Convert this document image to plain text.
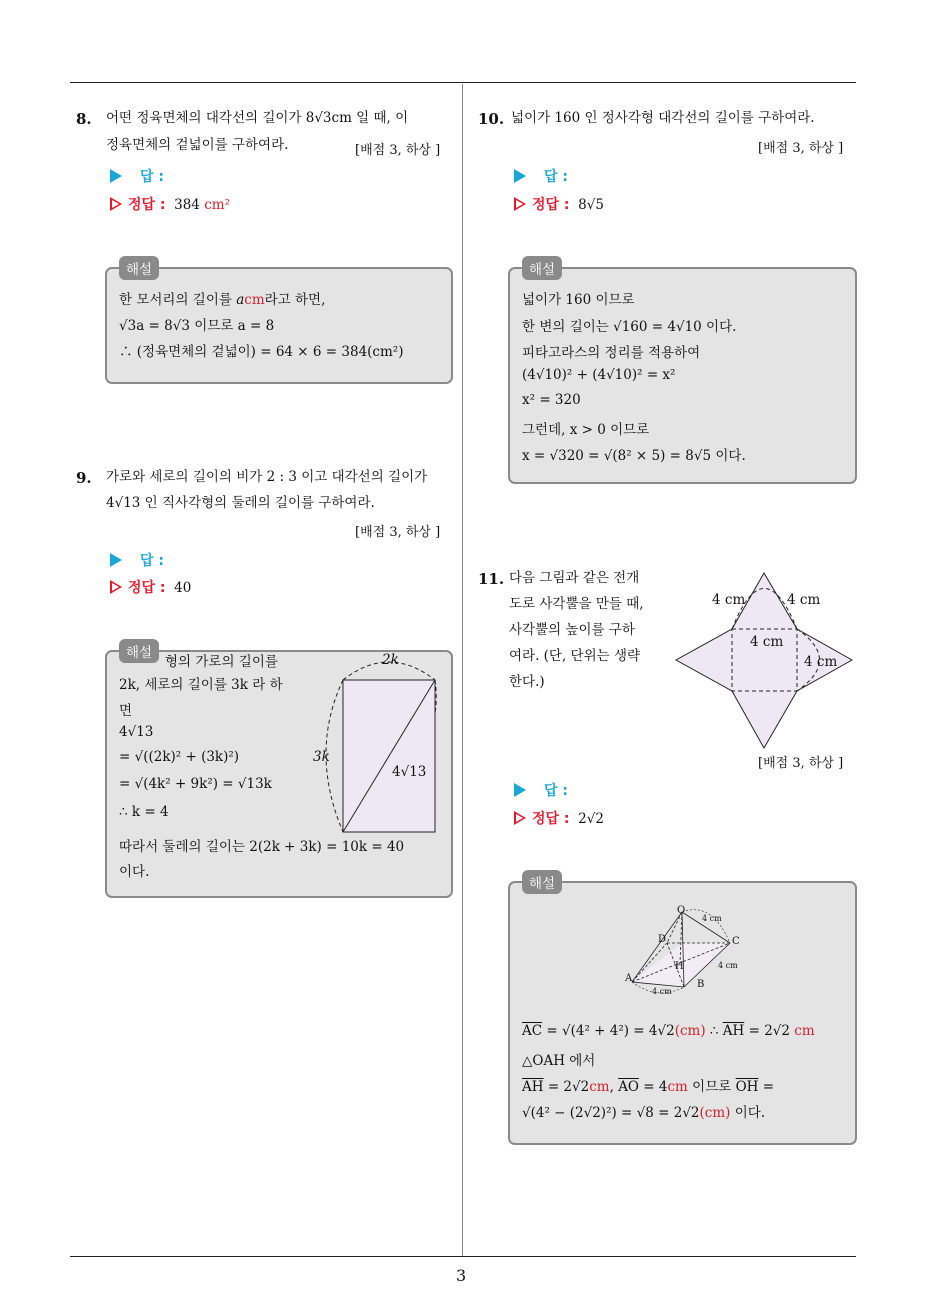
3
8. 어떤 정육면체의 대각선의 길이가 8√3cm 일 때, 이
정육면체의 겉넓이를 구하여라.	[배점 3, 하상 ]
답 :
정답 : 384 cm²
해설
한 모서리의 길이를 acm라고 하면,
√3a = 8√3 이므로 a = 8
∴ (정육면체의 겉넓이) = 64 × 6 = 384(cm²)
9. 가로와 세로의 길이의 비가 2 : 3 이고 대각선의 길이가
4√13 인 직사각형의 둘레의 길이를 구하여라.
[배점 3, 하상 ]
답 :
정답 : 40
해설
형의 가로의 길이를
2k, 세로의 길이를 3k 라 하
면
4√13
= √((2k)² + (3k)²)
= √(4k² + 9k²) = √13k
∴ k = 4
따라서 둘레의 길이는 2(2k + 3k) = 10k = 40
이다.
2k
3k
4√13
10. 넓이가 160 인 정사각형 대각선의 길이를 구하여라.
[배점 3, 하상 ]
답 :
정답 : 8√5
해설
넓이가 160 이므로
한 변의 길이는 √160 = 4√10 이다.
피타고라스의 정리를 적용하여
(4√10)² + (4√10)² = x²
x² = 320
그런데, x > 0 이므로
x = √320 = √(8² × 5) = 8√5 이다.
11. 다음 그림과 같은 전개
도로 사각뿔을 만들 때,
사각뿔의 높이를 구하
여라. (단, 단위는 생략
한다.)
4 cm	4 cm
4 cm
4 cm
[배점 3, 하상 ]
답 :
정답 : 2√2
해설
O
D	C
H
A
B
4 cm
4 cm
4 cm
$\overline{AC} = √(4^2 + 4^2) = 4√2(cm)$ ∴ $\overline{AH} = 2√2$ cm
△OAH 에서
$\overline{AH} = 2√2cm$, $\overline{AO} = 4cm$ 이므로 $\overline{OH}$ =
√(4² − (2√2)²) = √8 = 2√2(cm) 이다.
